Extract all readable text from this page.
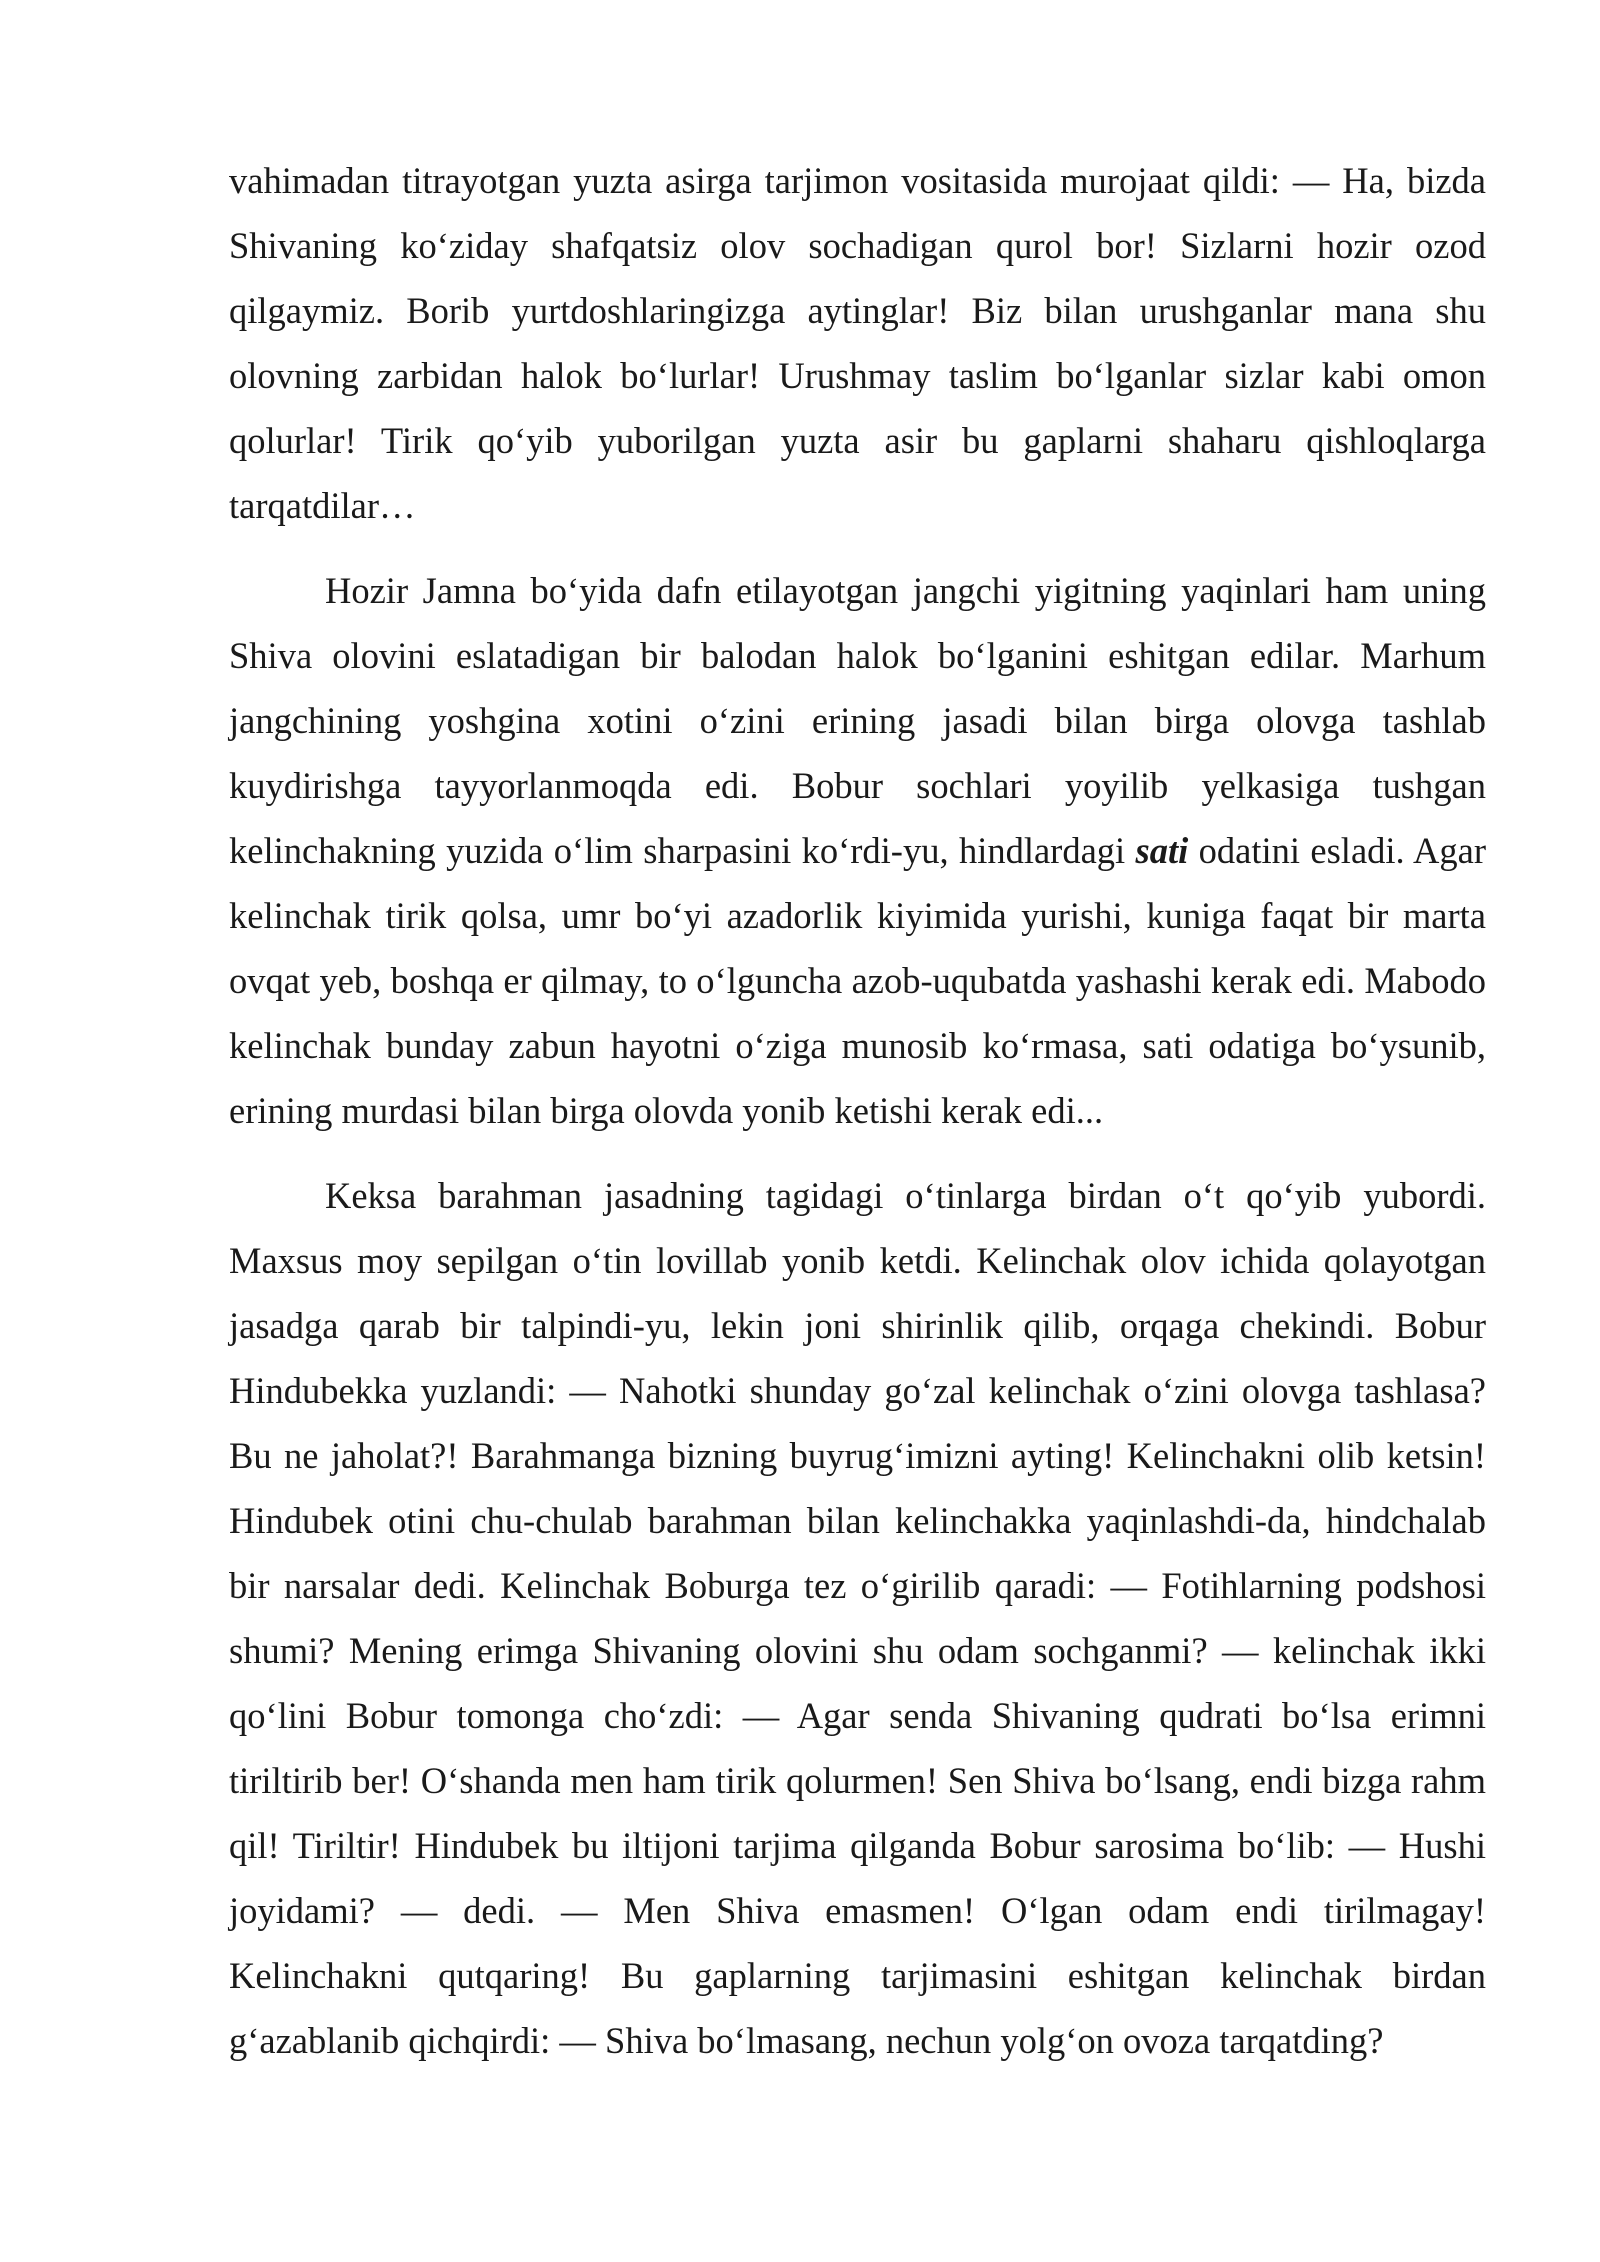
vahimadan titrayotgan yuzta asirga tarjimon vositasida murojaat qildi: — Ha, bizda Shivaning ko‘ziday shafqatsiz olov sochadigan qurol bor! Sizlarni hozir ozod qilgaymiz. Borib yurtdoshlaringizga aytinglar! Biz bilan urushganlar mana shu olovning zarbidan halok bo‘lurlar! Urushmay taslim bo‘lganlar sizlar kabi omon qolurlar! Tirik qo‘yib yuborilgan yuzta asir bu gaplarni shaharu qishloqlarga tarqatdilar…

Hozir Jamna bo‘yida dafn etilayotgan jangchi yigitning yaqinlari ham uning Shiva olovini eslatadigan bir balodan halok bo‘lganini eshitgan edilar. Marhum jangchining yoshgina xotini o‘zini erining jasadi bilan birga olovga tashlab kuydirishga tayyorlanmoqda edi. Bobur sochlari yoyilib yelkasiga tushgan kelinchakning yuzida o‘lim sharpasini ko‘rdi-yu, hindlardagi sati odatini esladi. Agar kelinchak tirik qolsa, umr bo‘yi azadorlik kiyimida yurishi, kuniga faqat bir marta ovqat yeb, boshqa er qilmay, to o‘lguncha azob-uqubatda yashashi kerak edi. Mabodo kelinchak bunday zabun hayotni o‘ziga munosib ko‘rmasa, sati odatiga bo‘ysunib, erining murdasi bilan birga olovda yonib ketishi kerak edi...

Keksa barahman jasadning tagidagi o‘tinlarga birdan o‘t qo‘yib yubordi. Maxsus moy sepilgan o‘tin lovillab yonib ketdi. Kelinchak olov ichida qolayotgan jasadga qarab bir talpindi-yu, lekin joni shirinlik qilib, orqaga chekindi. Bobur Hindubekka yuzlandi: — Nahotki shunday go‘zal kelinchak o‘zini olovga tashlasa? Bu ne jaholat?! Barahmanga bizning buyrug‘imizni ayting! Kelinchakni olib ketsin! Hindubek otini chu-chulab barahman bilan kelinchakka yaqinlashdi-da, hindchalab bir narsalar dedi. Kelinchak Boburga tez o‘girilib qaradi: — Fotihlarning podshosi shumi? Mening erimga Shivaning olovini shu odam sochganmi? — kelinchak ikki qo‘lini Bobur tomonga cho‘zdi: — Agar senda Shivaning qudrati bo‘lsa erimni tiriltirib ber! O‘shanda men ham tirik qolurmen! Sen Shiva bo‘lsang, endi bizga rahm qil! Tiriltir! Hindubek bu iltijoni tarjima qilganda Bobur sarosima bo‘lib: — Hushi joyidami? — dedi. — Men Shiva emasmen! O‘lgan odam endi tirilmagay! Kelinchakni qutqaring! Bu gaplarning tarjimasini eshitgan kelinchak birdan g‘azablanib qichqirdi: — Shiva bo‘lmasang, nechun yolg‘on ovoza tarqatding?
